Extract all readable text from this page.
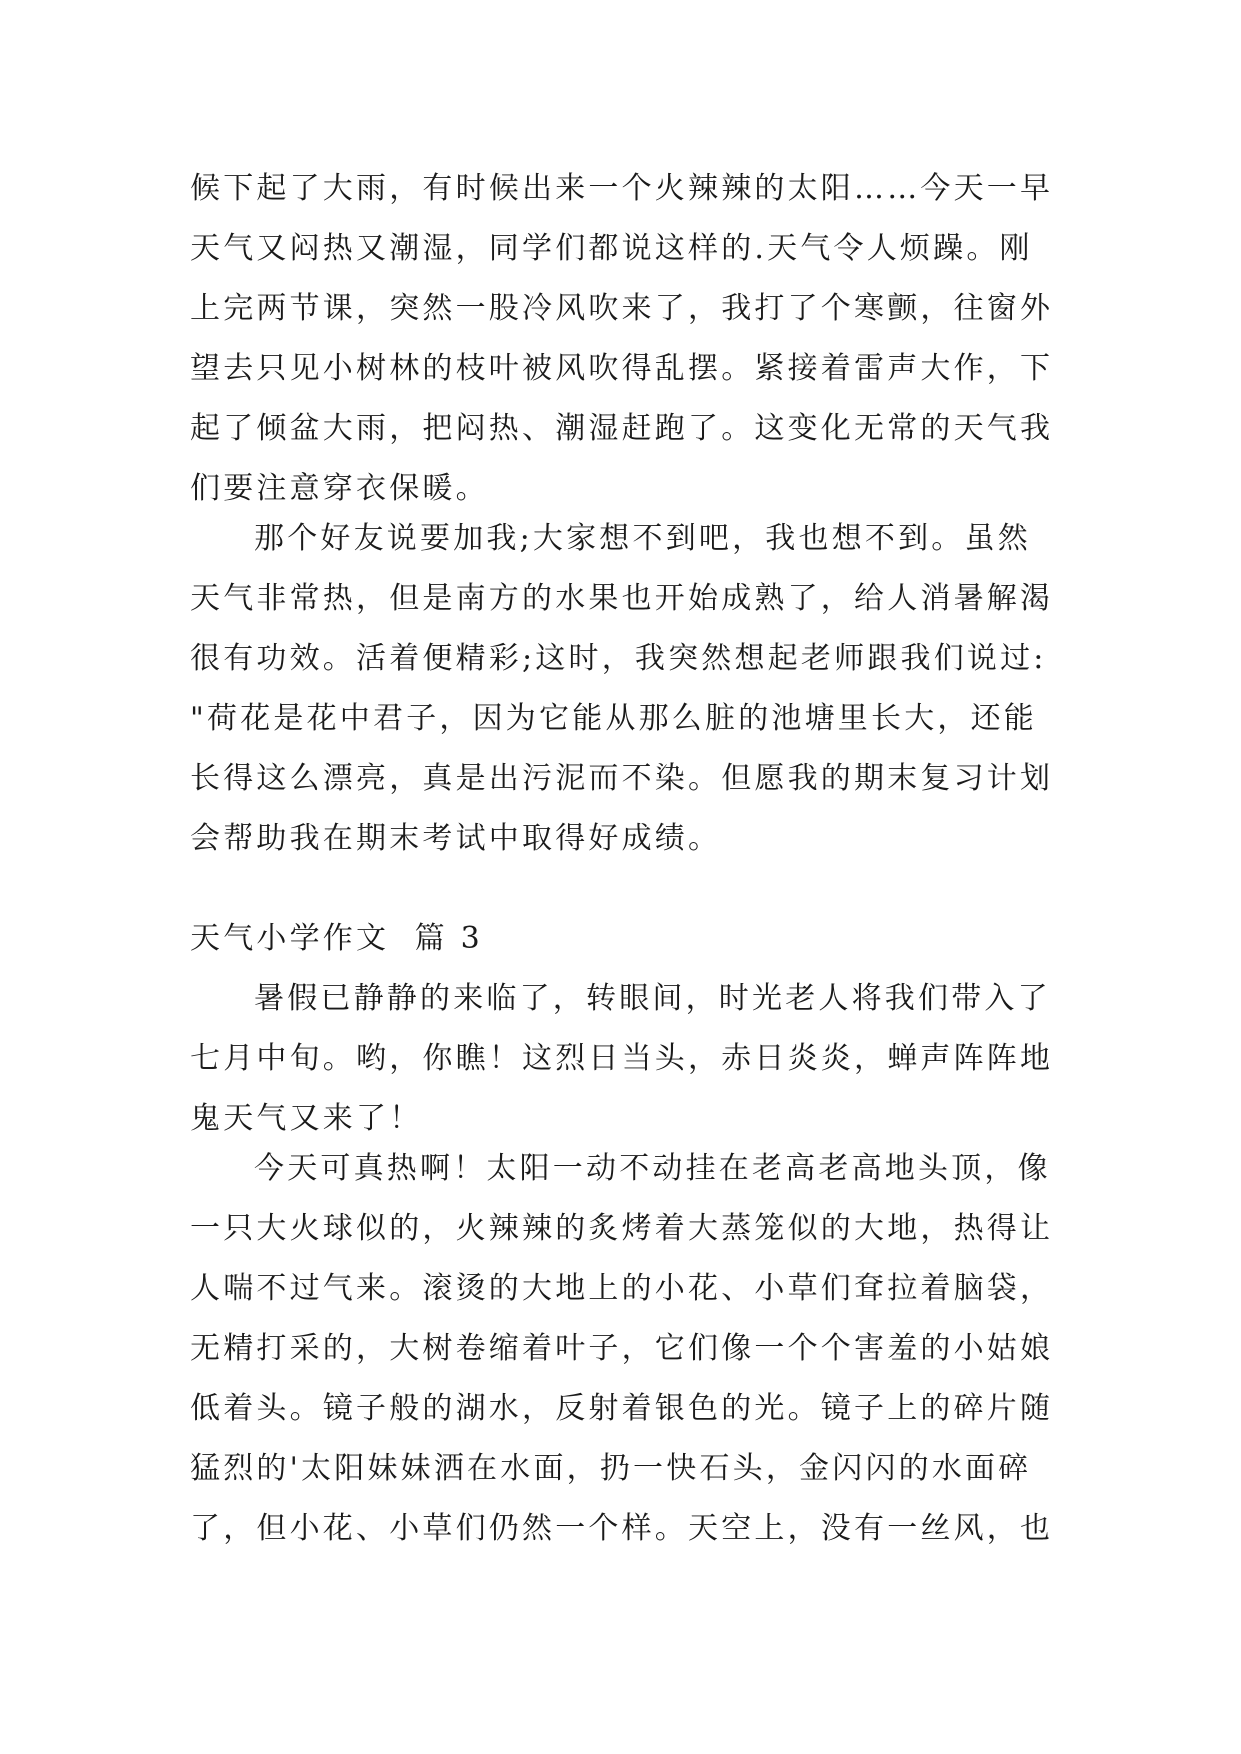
候下起了大雨，有时候出来一个火辣辣的太阳……今天一早
天气又闷热又潮湿，同学们都说这样的.天气令人烦躁。刚
上完两节课，突然一股冷风吹来了，我打了个寒颤，往窗外
望去只见小树林的枝叶被风吹得乱摆。紧接着雷声大作，下
起了倾盆大雨，把闷热、潮湿赶跑了。这变化无常的天气我
们要注意穿衣保暖。
那个好友说要加我;大家想不到吧，我也想不到。虽然
天气非常热，但是南方的水果也开始成熟了，给人消暑解渴
很有功效。活着便精彩;这时，我突然想起老师跟我们说过:
"荷花是花中君子，因为它能从那么脏的池塘里长大，还能
长得这么漂亮，真是出污泥而不染。但愿我的期末复习计划
会帮助我在期末考试中取得好成绩。
天气小学作文  篇 3
暑假已静静的来临了，转眼间，时光老人将我们带入了
七月中旬。哟，你瞧！这烈日当头，赤日炎炎，蝉声阵阵地
鬼天气又来了！
今天可真热啊！太阳一动不动挂在老高老高地头顶，像
一只大火球似的，火辣辣的炙烤着大蒸笼似的大地，热得让
人喘不过气来。滚烫的大地上的小花、小草们耷拉着脑袋，
无精打采的，大树卷缩着叶子，它们像一个个害羞的小姑娘
低着头。镜子般的湖水，反射着银色的光。镜子上的碎片随
猛烈的'太阳妹妹洒在水面，扔一快石头，金闪闪的水面碎
了，但小花、小草们仍然一个样。天空上，没有一丝风，也
